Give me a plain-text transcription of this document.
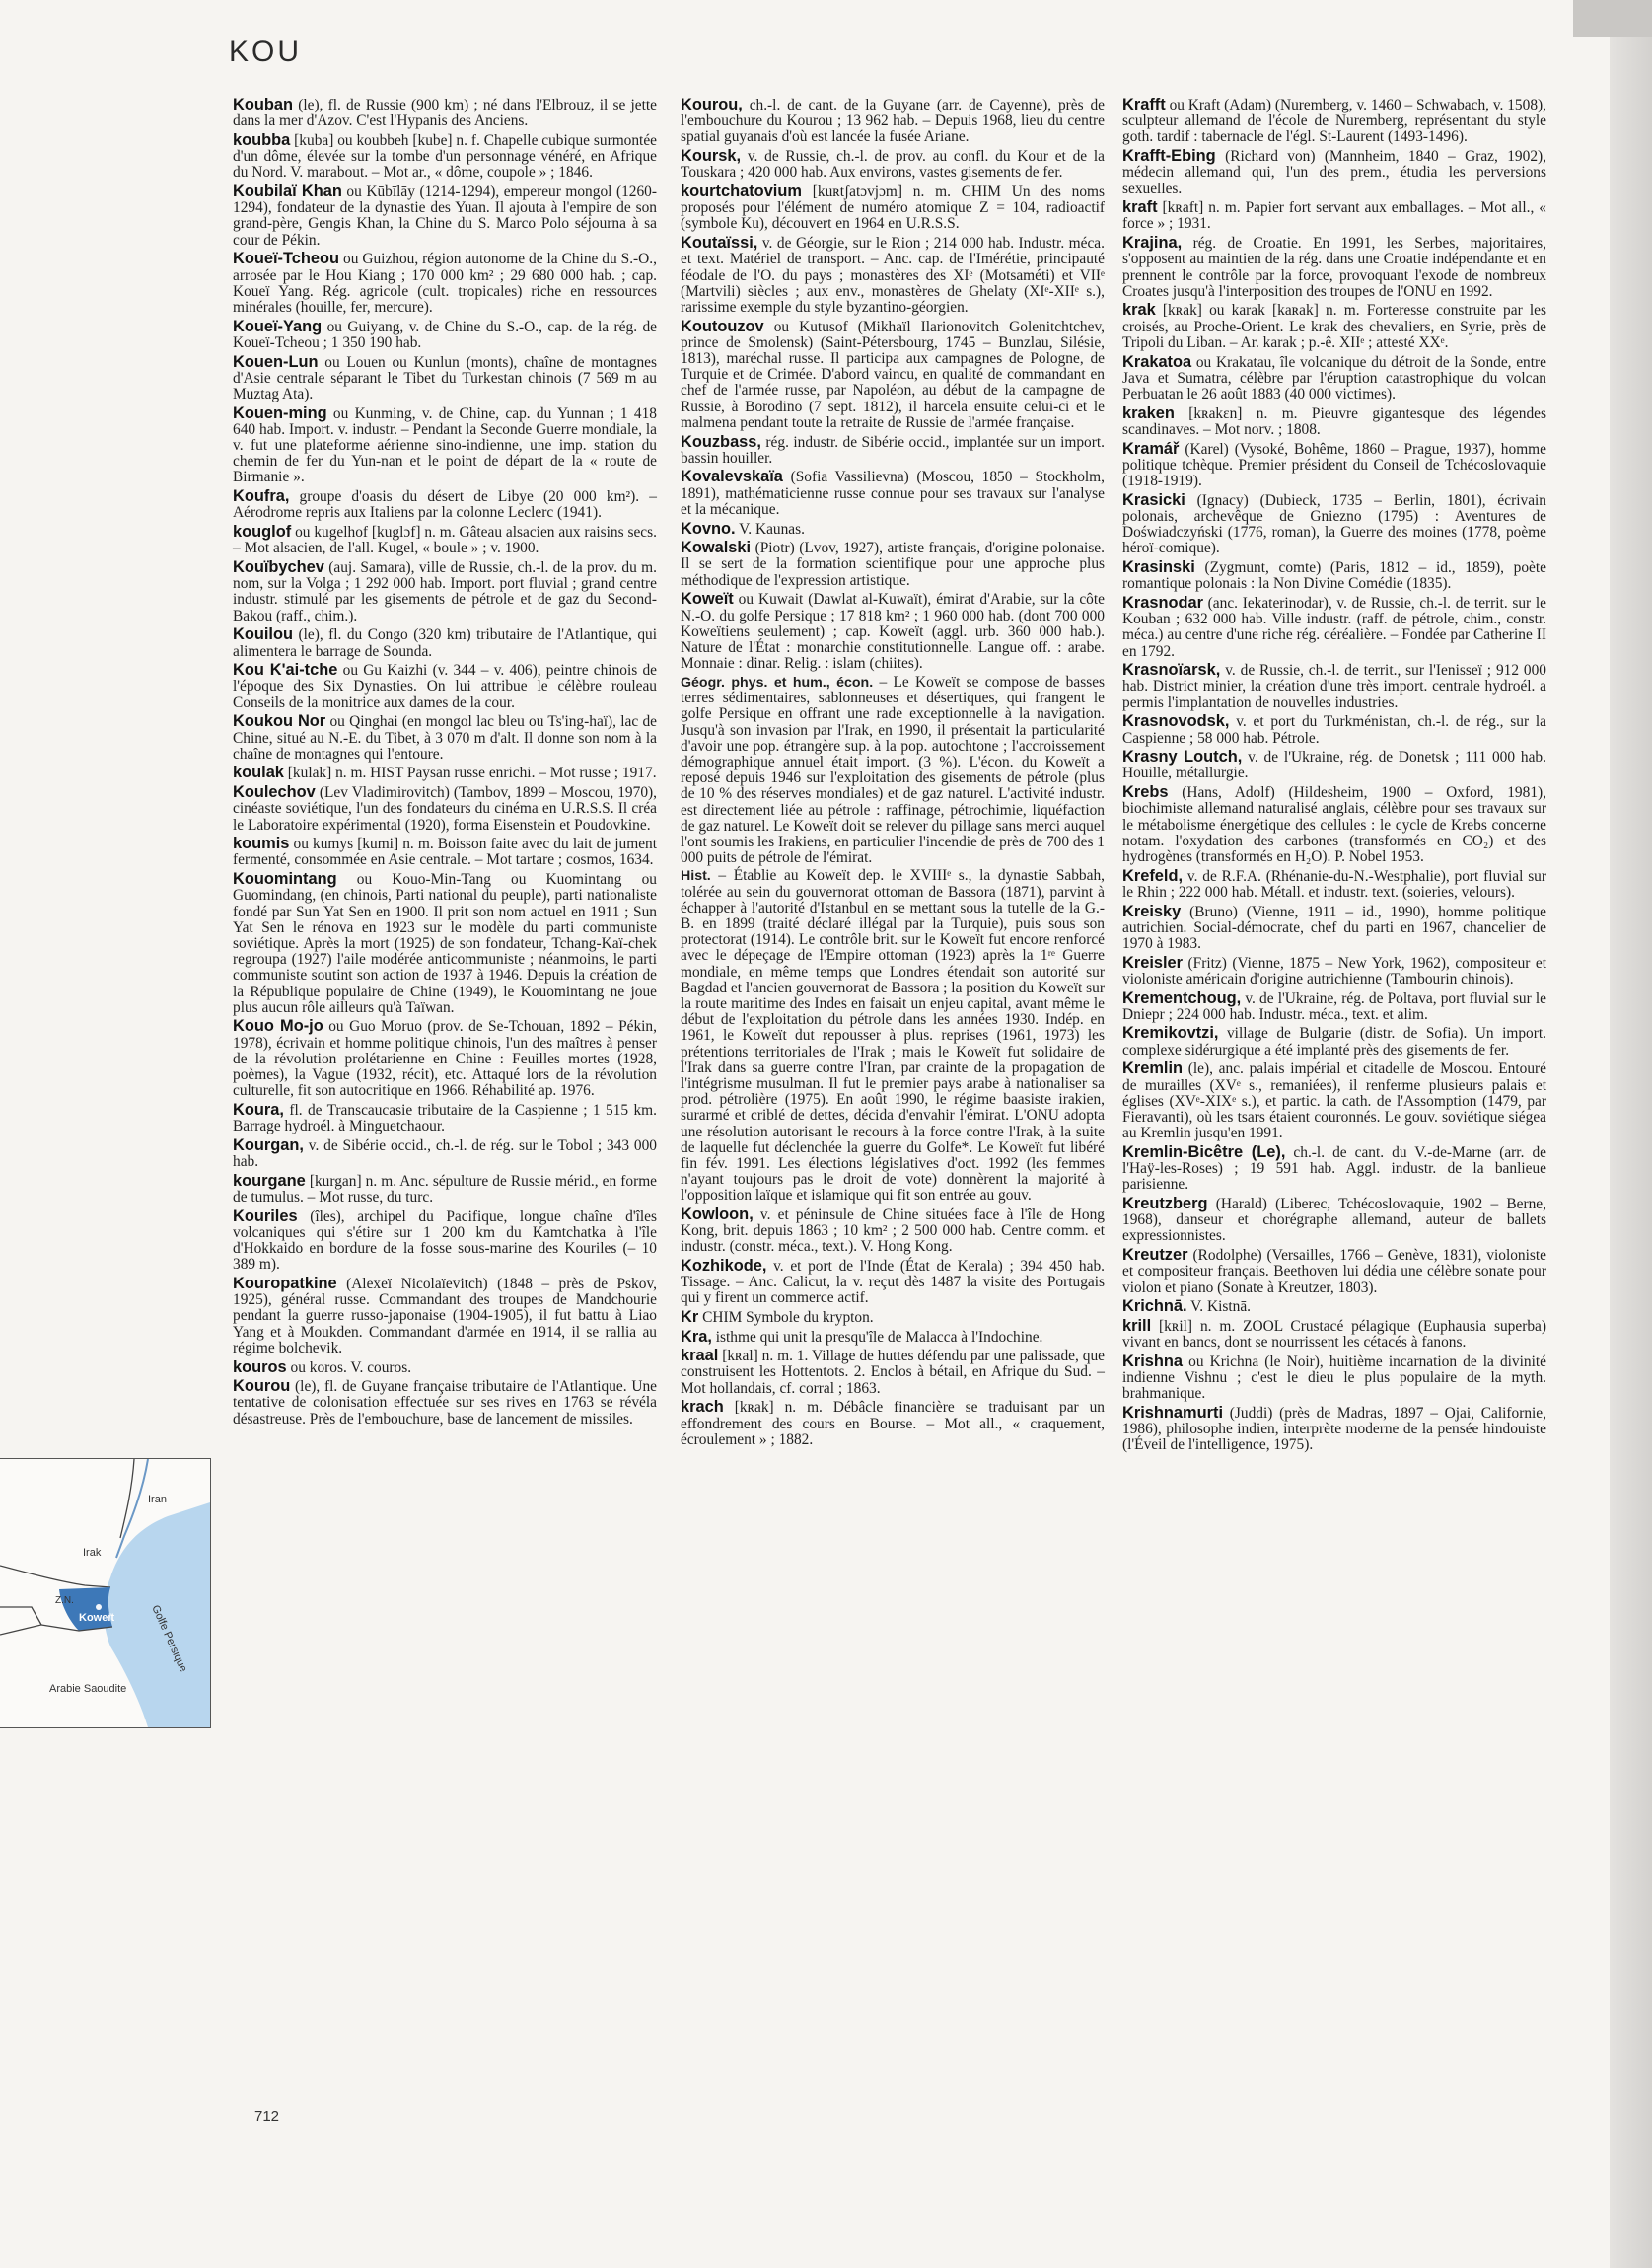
KOU

Kouban (le), fl. de Russie (900 km) ; né dans l'Elbrouz, il se jette dans la mer d'Azov. C'est l'Hypanis des Anciens.

koubba [kuba] ou koubbeh [kube] n. f. Chapelle cubique surmontée d'un dôme, élevée sur la tombe d'un personnage vénéré, en Afrique du Nord. V. marabout. – Mot ar., « dôme, coupole » ; 1846.

Koubilaï Khan ou Kūbīlāy (1214-1294), empereur mongol (1260-1294), fondateur de la dynastie des Yuan. Il ajouta à l'empire de son grand-père, Gengis Khan, la Chine du S. Marco Polo séjourna à sa cour de Pékin.

Koueï-Tcheou ou Guizhou, région autonome de la Chine du S.-O., arrosée par le Hou Kiang ; 170 000 km² ; 29 680 000 hab. ; cap. Koueï Yang. Rég. agricole (cult. tropicales) riche en ressources minérales (houille, fer, mercure).

Koueï-Yang ou Guiyang, v. de Chine du S.-O., cap. de la rég. de Koueï-Tcheou ; 1 350 190 hab.

Kouen-Lun ou Louen ou Kunlun (monts), chaîne de montagnes d'Asie centrale séparant le Tibet du Turkestan chinois (7 569 m au Muztag Ata).

Kouen-ming ou Kunming, v. de Chine, cap. du Yunnan ; 1 418 640 hab. Import. v. industr. – Pendant la Seconde Guerre mondiale, la v. fut une plateforme aérienne sino-indienne, une imp. station du chemin de fer du Yun-nan et le point de départ de la « route de Birmanie ».

Koufra, groupe d'oasis du désert de Libye (20 000 km²). – Aérodrome repris aux Italiens par la colonne Leclerc (1941).

kouglof ou kugelhof [kuglɔf] n. m. Gâteau alsacien aux raisins secs. – Mot alsacien, de l'all. Kugel, « boule » ; v. 1900.

Kouïbychev (auj. Samara), ville de Russie, ch.-l. de la prov. du m. nom, sur la Volga ; 1 292 000 hab. Import. port fluvial ; grand centre industr. stimulé par les gisements de pétrole et de gaz du Second-Bakou (raff., chim.).

Kouilou (le), fl. du Congo (320 km) tributaire de l'Atlantique, qui alimentera le barrage de Sounda.

Kou K'ai-tche ou Gu Kaizhi (v. 344 – v. 406), peintre chinois de l'époque des Six Dynasties. On lui attribue le célèbre rouleau Conseils de la monitrice aux dames de la cour.

Koukou Nor ou Qinghai (en mongol lac bleu ou Ts'ing-haï), lac de Chine, situé au N.-E. du Tibet, à 3 070 m d'alt. Il donne son nom à la chaîne de montagnes qui l'entoure.

koulak [kulak] n. m. HIST Paysan russe enrichi. – Mot russe ; 1917.

Koulechov (Lev Vladimirovitch) (Tambov, 1899 – Moscou, 1970), cinéaste soviétique, l'un des fondateurs du cinéma en U.R.S.S. Il créa le Laboratoire expérimental (1920), forma Eisenstein et Poudovkine.

koumis ou kumys [kumi] n. m. Boisson faite avec du lait de jument fermenté, consommée en Asie centrale. – Mot tartare ; cosmos, 1634.

Kouomintang ou Kouo-Min-Tang ou Kuomintang ou Guomindang, (en chinois, Parti national du peuple), parti nationaliste fondé par Sun Yat Sen en 1900. Il prit son nom actuel en 1911 ; Sun Yat Sen le rénova en 1923 sur le modèle du parti communiste soviétique. Après la mort (1925) de son fondateur, Tchang-Kaï-chek regroupa (1927) l'aile modérée anticommuniste ; néanmoins, le parti communiste soutint son action de 1937 à 1946. Depuis la création de la République populaire de Chine (1949), le Kouomintang ne joue plus aucun rôle ailleurs qu'à Taïwan.

Kouo Mo-jo ou Guo Moruo (prov. de Se-Tchouan, 1892 – Pékin, 1978), écrivain et homme politique chinois, l'un des maîtres à penser de la révolution prolétarienne en Chine : Feuilles mortes (1928, poèmes), la Vague (1932, récit), etc. Attaqué lors de la révolution culturelle, fit son autocritique en 1966. Réhabilité ap. 1976.

Koura, fl. de Transcaucasie tributaire de la Caspienne ; 1 515 km. Barrage hydroél. à Minguetchaour.

Kourgan, v. de Sibérie occid., ch.-l. de rég. sur le Tobol ; 343 000 hab.

kourgane [kurgan] n. m. Anc. sépulture de Russie mérid., en forme de tumulus. – Mot russe, du turc.

Kouriles (îles), archipel du Pacifique, longue chaîne d'îles volcaniques qui s'étire sur 1 200 km du Kamtchatka à l'île d'Hokkaido en bordure de la fosse sous-marine des Kouriles (– 10 389 m).

Kouropatkine (Alexeï Nicolaïevitch) (1848 – près de Pskov, 1925), général russe. Commandant des troupes de Mandchourie pendant la guerre russo-japonaise (1904-1905), il fut battu à Liao Yang et à Moukden. Commandant d'armée en 1914, il se rallia au régime bolchevik.

kouros ou koros. V. couros.

Kourou (le), fl. de Guyane française tributaire de l'Atlantique. Une tentative de colonisation effectuée sur ses rives en 1763 se révéla désastreuse. Près de l'embouchure, base de lancement de missiles.

Kourou, ch.-l. de cant. de la Guyane (arr. de Cayenne), près de l'embouchure du Kourou ; 13 962 hab. – Depuis 1968, lieu du centre spatial guyanais d'où est lancée la fusée Ariane.

Koursk, v. de Russie, ch.-l. de prov. au confl. du Kour et de la Touskara ; 420 000 hab. Aux environs, vastes gisements de fer.

kourtchatovium [kuʀtʃatɔvjɔm] n. m. CHIM Un des noms proposés pour l'élément de numéro atomique Z = 104, radioactif (symbole Ku), découvert en 1964 en U.R.S.S.

Koutaïssi, v. de Géorgie, sur le Rion ; 214 000 hab. Industr. méca. et text. Matériel de transport. – Anc. cap. de l'Imérétie, principauté féodale de l'O. du pays ; monastères des XIᵉ (Motsaméti) et VIIᵉ (Martvili) siècles ; aux env., monastères de Ghelaty (XIᵉ-XIIᵉ s.), rarissime exemple du style byzantino-géorgien.

Koutouzov ou Kutusof (Mikhaïl Ilarionovitch Golenitchtchev, prince de Smolensk) (Saint-Pétersbourg, 1745 – Bunzlau, Silésie, 1813), maréchal russe. Il participa aux campagnes de Pologne, de Turquie et de Crimée. D'abord vaincu, en qualité de commandant en chef de l'armée russe, par Napoléon, au début de la campagne de Russie, à Borodino (7 sept. 1812), il harcela ensuite celui-ci et le malmena pendant toute la retraite de Russie de l'armée française.

Kouzbass, rég. industr. de Sibérie occid., implantée sur un import. bassin houiller.

Kovalevskaïa (Sofia Vassilievna) (Moscou, 1850 – Stockholm, 1891), mathématicienne russe connue pour ses travaux sur l'analyse et la mécanique.

Kovno. V. Kaunas.

Kowalski (Piotr) (Lvov, 1927), artiste français, d'origine polonaise. Il se sert de la formation scientifique pour une approche plus méthodique de l'expression artistique.

Koweït ou Kuwait (Dawlat al-Kuwaït), émirat d'Arabie, sur la côte N.-O. du golfe Persique ; 17 818 km² ; 1 960 000 hab. (dont 700 000 Koweïtiens seulement) ; cap. Koweït (aggl. urb. 360 000 hab.). Nature de l'État : monarchie constitutionnelle. Langue off. : arabe. Monnaie : dinar. Relig. : islam (chiites).

Géogr. phys. et hum., écon. – Le Koweït se compose de basses terres sédimentaires, sablonneuses et désertiques, qui frangent le golfe Persique en offrant une rade exceptionnelle à la navigation. Jusqu'à son invasion par l'Irak, en 1990, il présentait la particularité d'avoir une pop. étrangère sup. à la pop. autochtone ; l'accroissement démographique annuel était import. (3 %). L'écon. du Koweït a reposé depuis 1946 sur l'exploitation des gisements de pétrole (plus de 10 % des réserves mondiales) et de gaz naturel. L'activité industr. est directement liée au pétrole : raffinage, pétrochimie, liquéfaction de gaz naturel. Le Koweït doit se relever du pillage sans merci auquel l'ont soumis les Irakiens, en particulier l'incendie de près de 700 des 1 000 puits de pétrole de l'émirat.

Hist. – Établie au Koweït dep. le XVIIIᵉ s., la dynastie Sabbah, tolérée au sein du gouvernorat ottoman de Bassora (1871), parvint à échapper à l'autorité d'Istanbul en se mettant sous la tutelle de la G.-B. en 1899 (traité déclaré illégal par la Turquie), puis sous son protectorat (1914). Le contrôle brit. sur le Koweït fut encore renforcé avec le dépeçage de l'Empire ottoman (1923) après la 1ʳᵉ Guerre mondiale, en même temps que Londres étendait son autorité sur Bagdad et l'ancien gouvernorat de Bassora ; la position du Koweït sur la route maritime des Indes en faisait un enjeu capital, avant même le début de l'exploitation du pétrole dans les années 1930. Indép. en 1961, le Koweït dut repousser à plus. reprises (1961, 1973) les prétentions territoriales de l'Irak ; mais le Koweït fut solidaire de l'Irak dans sa guerre contre l'Iran, par crainte de la propagation de l'intégrisme musulman. Il fut le premier pays arabe à nationaliser sa prod. pétrolière (1975). En août 1990, le régime baasiste irakien, surarmé et criblé de dettes, décida d'envahir l'émirat. L'ONU adopta une résolution autorisant le recours à la force contre l'Irak, à la suite de laquelle fut déclenchée la guerre du Golfe*. Le Koweït fut libéré fin fév. 1991. Les élections législatives d'oct. 1992 (les femmes n'ayant toujours pas le droit de vote) donnèrent la majorité à l'opposition laïque et islamique qui fit son entrée au gouv.

Kowloon, v. et péninsule de Chine situées face à l'île de Hong Kong, brit. depuis 1863 ; 10 km² ; 2 500 000 hab. Centre comm. et industr. (constr. méca., text.). V. Hong Kong.

Kozhikode, v. et port de l'Inde (État de Kerala) ; 394 450 hab. Tissage. – Anc. Calicut, la v. reçut dès 1487 la visite des Portugais qui y firent un commerce actif.

Kr CHIM Symbole du krypton.

Kra, isthme qui unit la presqu'île de Malacca à l'Indochine.

kraal [kʀal] n. m. 1. Village de huttes défendu par une palissade, que construisent les Hottentots. 2. Enclos à bétail, en Afrique du Sud. – Mot hollandais, cf. corral ; 1863.

krach [kʀak] n. m. Débâcle financière se traduisant par un effondrement des cours en Bourse. – Mot all., « craquement, écroulement » ; 1882.

Krafft ou Kraft (Adam) (Nuremberg, v. 1460 – Schwabach, v. 1508), sculpteur allemand de l'école de Nuremberg, représentant du style goth. tardif : tabernacle de l'égl. St-Laurent (1493-1496).

Krafft-Ebing (Richard von) (Mannheim, 1840 – Graz, 1902), médecin allemand qui, l'un des prem., étudia les perversions sexuelles.

kraft [kʀaft] n. m. Papier fort servant aux emballages. – Mot all., « force » ; 1931.

Krajina, rég. de Croatie. En 1991, les Serbes, majoritaires, s'opposent au maintien de la rég. dans une Croatie indépendante et en prennent le contrôle par la force, provoquant l'exode de nombreux Croates jusqu'à l'interposition des troupes de l'ONU en 1992.

krak [kʀak] ou karak [kaʀak] n. m. Forteresse construite par les croisés, au Proche-Orient. Le krak des chevaliers, en Syrie, près de Tripoli du Liban. – Ar. karak ; p.-ê. XIIᵉ ; attesté XXᵉ.

Krakatoa ou Krakatau, île volcanique du détroit de la Sonde, entre Java et Sumatra, célèbre par l'éruption catastrophique du volcan Perbuatan le 26 août 1883 (40 000 victimes).

kraken [kʀakɛn] n. m. Pieuvre gigantesque des légendes scandinaves. – Mot norv. ; 1808.

Kramář (Karel) (Vysoké, Bohême, 1860 – Prague, 1937), homme politique tchèque. Premier président du Conseil de Tchécoslovaquie (1918-1919).

Krasicki (Ignacy) (Dubieck, 1735 – Berlin, 1801), écrivain polonais, archevêque de Gniezno (1795) : Aventures de Doświadczyński (1776, roman), la Guerre des moines (1778, poème héroï-comique).

Krasinski (Zygmunt, comte) (Paris, 1812 – id., 1859), poète romantique polonais : la Non Divine Comédie (1835).

Krasnodar (anc. Iekaterinodar), v. de Russie, ch.-l. de territ. sur le Kouban ; 632 000 hab. Ville industr. (raff. de pétrole, chim., constr. méca.) au centre d'une riche rég. céréalière. – Fondée par Catherine II en 1792.

Krasnoïarsk, v. de Russie, ch.-l. de territ., sur l'Ienisseï ; 912 000 hab. District minier, la création d'une très import. centrale hydroél. a permis l'implantation de nouvelles industries.

Krasnovodsk, v. et port du Turkménistan, ch.-l. de rég., sur la Caspienne ; 58 000 hab. Pétrole.

Krasny Loutch, v. de l'Ukraine, rég. de Donetsk ; 111 000 hab. Houille, métallurgie.

Krebs (Hans, Adolf) (Hildesheim, 1900 – Oxford, 1981), biochimiste allemand naturalisé anglais, célèbre pour ses travaux sur le métabolisme énergétique des cellules : le cycle de Krebs concerne notam. l'oxydation des carbones (transformés en CO₂) et des hydrogènes (transformés en H₂O). P. Nobel 1953.

Krefeld, v. de R.F.A. (Rhénanie-du-N.-Westphalie), port fluvial sur le Rhin ; 222 000 hab. Métall. et industr. text. (soieries, velours).

Kreisky (Bruno) (Vienne, 1911 – id., 1990), homme politique autrichien. Social-démocrate, chef du parti en 1967, chancelier de 1970 à 1983.

Kreisler (Fritz) (Vienne, 1875 – New York, 1962), compositeur et violoniste américain d'origine autrichienne (Tambourin chinois).

Krementchoug, v. de l'Ukraine, rég. de Poltava, port fluvial sur le Dniepr ; 224 000 hab. Industr. méca., text. et alim.

Kremikovtzi, village de Bulgarie (distr. de Sofia). Un import. complexe sidérurgique a été implanté près des gisements de fer.

Kremlin (le), anc. palais impérial et citadelle de Moscou. Entouré de murailles (XVᵉ s., remaniées), il renferme plusieurs palais et églises (XVᵉ-XIXᵉ s.), et partic. la cath. de l'Assomption (1479, par Fieravanti), où les tsars étaient couronnés. Le gouv. soviétique siégea au Kremlin jusqu'en 1991.

Kremlin-Bicêtre (Le), ch.-l. de cant. du V.-de-Marne (arr. de l'Haÿ-les-Roses) ; 19 591 hab. Aggl. industr. de la banlieue parisienne.

Kreutzberg (Harald) (Liberec, Tchécoslovaquie, 1902 – Berne, 1968), danseur et chorégraphe allemand, auteur de ballets expressionnistes.

Kreutzer (Rodolphe) (Versailles, 1766 – Genève, 1831), violoniste et compositeur français. Beethoven lui dédia une célèbre sonate pour violon et piano (Sonate à Kreutzer, 1803).

Krichnā. V. Kistnā.

krill [kʀil] n. m. ZOOL Crustacé pélagique (Euphausia superba) vivant en bancs, dont se nourrissent les cétacés à fanons.

Krishna ou Krichna (le Noir), huitième incarnation de la divinité indienne Vishnu ; c'est le dieu le plus populaire de la myth. brahmanique.

Krishnamurti (Juddi) (près de Madras, 1897 – Ojai, Californie, 1986), philosophe indien, interprète moderne de la pensée hindouiste (l'Éveil de l'intelligence, 1975).

Iran
Irak
Z.N.
Koweït	Golfe Persique
Arabie Saoudite
712
